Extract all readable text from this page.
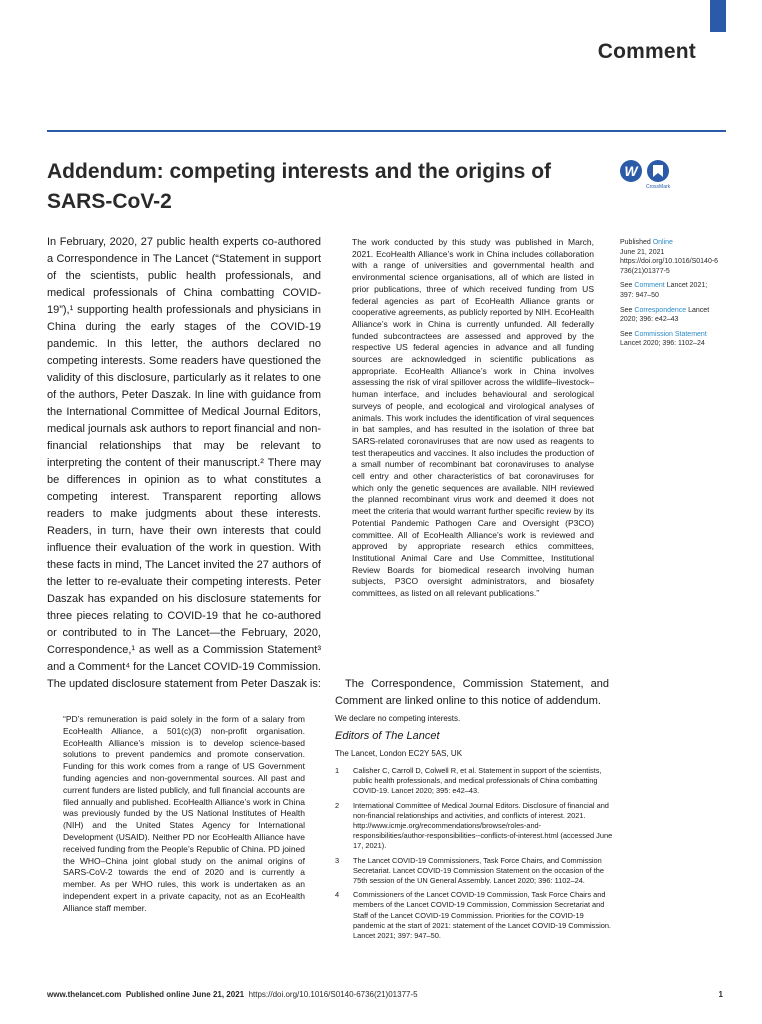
Comment
Addendum: competing interests and the origins of SARS-CoV-2
W
CrossMark

In February, 2020, 27 public health experts co-authored a Correspondence in The Lancet (“Statement in support of the scientists, public health professionals, and medical professionals of China combatting COVID-19”),¹ supporting health professionals and physicians in China during the early stages of the COVID-19 pandemic. In this letter, the authors declared no competing interests. Some readers have questioned the validity of this disclosure, particularly as it relates to one of the authors, Peter Daszak. In line with guidance from the International Committee of Medical Journal Editors, medical journals ask authors to report financial and non-financial relationships that may be relevant to interpreting the content of their manuscript.² There may be differences in opinion as to what constitutes a competing interest. Transparent reporting allows readers to make judgments about these interests. Readers, in turn, have their own interests that could influence their evaluation of the work in question. With these facts in mind, The Lancet invited the 27 authors of the letter to re-evaluate their competing interests. Peter Daszak has expanded on his disclosure statements for three pieces relating to COVID-19 that he co-authored or contributed to in The Lancet—the February, 2020, Correspondence,¹ as well as a Commission Statement³ and a Comment⁴ for the Lancet COVID-19 Commission. The updated disclosure statement from Peter Daszak is:

“PD’s remuneration is paid solely in the form of a salary from EcoHealth Alliance, a 501(c)(3) non-profit organisation. EcoHealth Alliance’s mission is to develop science-based solutions to prevent pandemics and promote conservation. Funding for this work comes from a range of US Government funding agencies and non-governmental sources. All past and current funders are listed publicly, and full financial accounts are filed annually and published. EcoHealth Alliance’s work in China was previously funded by the US National Institutes of Health (NIH) and the United States Agency for International Development (USAID). Neither PD nor EcoHealth Alliance have received funding from the People’s Republic of China. PD joined the WHO–China joint global study on the animal origins of SARS-CoV-2 towards the end of 2020 and is currently a member. As per WHO rules, this work is undertaken as an independent expert in a private capacity, not as an EcoHealth Alliance staff member.

The work conducted by this study was published in March, 2021. EcoHealth Alliance’s work in China includes collaboration with a range of universities and governmental health and environmental science organisations, all of which are listed in prior publications, three of which received funding from US federal agencies as part of EcoHealth Alliance grants or cooperative agreements, as publicly reported by NIH. EcoHealth Alliance’s work in China is currently unfunded. All federally funded subcontractees are assessed and approved by the respective US federal agencies in advance and all funding sources are acknowledged in scientific publications as appropriate. EcoHealth Alliance’s work in China involves assessing the risk of viral spillover across the wildlife–livestock–human interface, and includes behavioural and serological surveys of people, and ecological and virological analyses of animals. This work includes the identification of viral sequences in bat samples, and has resulted in the isolation of three bat SARS-related coronaviruses that are now used as reagents to test therapeutics and vaccines. It also includes the production of a small number of recombinant bat coronaviruses to analyse cell entry and other characteristics of bat coronaviruses for which only the genetic sequences are available. NIH reviewed the planned recombinant virus work and deemed it does not meet the criteria that would warrant further specific review by its Potential Pandemic Pathogen Care and Oversight (P3CO) committee. All of EcoHealth Alliance’s work is reviewed and approved by appropriate research ethics committees, Institutional Animal Care and Use Committee, Institutional Review Boards for biomedical research involving human subjects, P3CO oversight administrators, and biosafety committees, as listed on all relevant publications.”

The Correspondence, Commission Statement, and Comment are linked online to this notice of addendum.

We declare no competing interests.
Editors of The Lancet
The Lancet, London EC2Y 5AS, UK
1	Calisher C, Carroll D, Colwell R, et al. Statement in support of the scientists, public health professionals, and medical professionals of China combatting COVID-19. Lancet 2020; 395: e42–43.
2	International Committee of Medical Journal Editors. Disclosure of financial and non-financial relationships and activities, and conflicts of interest. 2021. http://www.icmje.org/recommendations/browse/roles-and-responsibilities/author-responsibilities--conflicts-of-interest.html (accessed June 17, 2021).
3	The Lancet COVID-19 Commissioners, Task Force Chairs, and Commission Secretariat. Lancet COVID-19 Commission Statement on the occasion of the 75th session of the UN General Assembly. Lancet 2020; 396: 1102–24.
4	Commissioners of the Lancet COVID-19 Commission, Task Force Chairs and members of the Lancet COVID-19 Commission, Commission Secretariat and Staff of the Lancet COVID-19 Commission. Priorities for the COVID-19 pandemic at the start of 2021: statement of the Lancet COVID-19 Commission. Lancet 2021; 397: 947–50.
Published Online
June 21, 2021
https://doi.org/10.1016/S0140-6736(21)01377-5
See Comment Lancet 2021; 397: 947–50
See Correspondence Lancet 2020; 396: e42–43
See Commission Statement Lancet 2020; 396: 1102–24
www.thelancet.com Published online June 21, 2021 https://doi.org/10.1016/S0140-6736(21)01377-5	1
